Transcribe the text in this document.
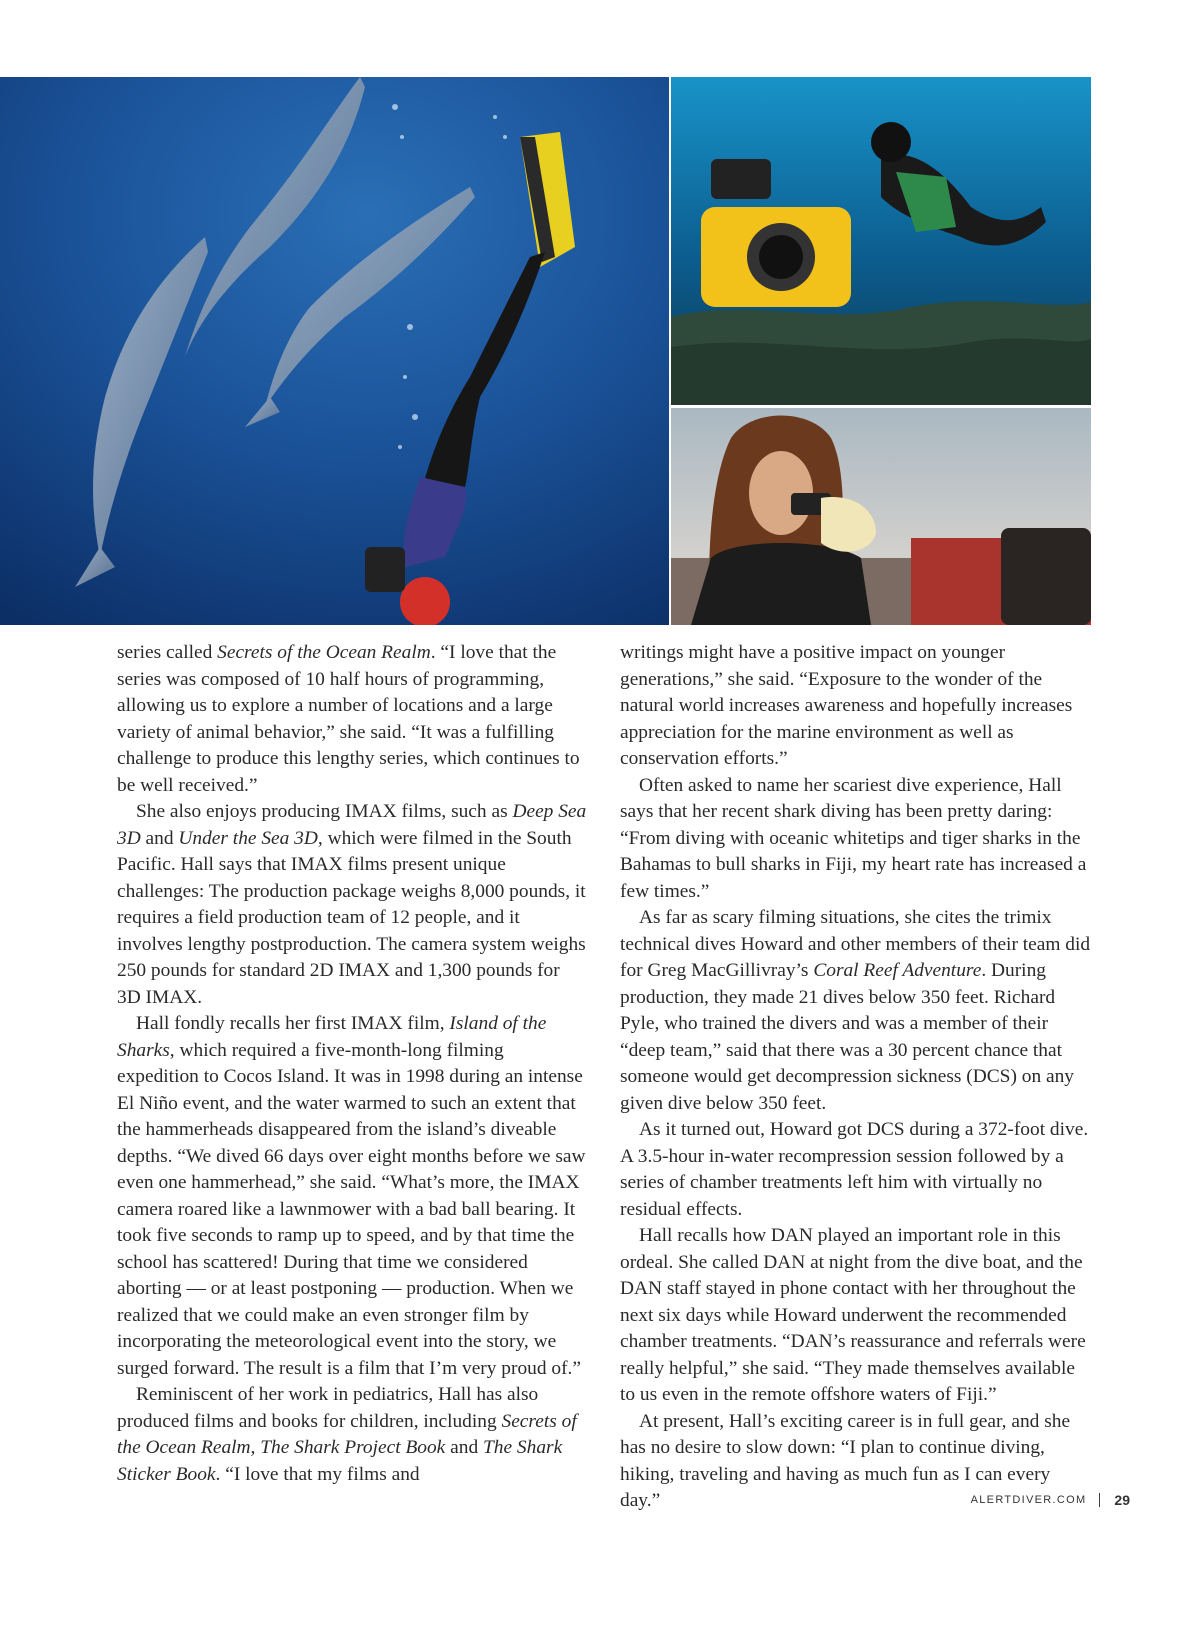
series called Secrets of the Ocean Realm. “I love that the series was composed of 10 half hours of programming, allowing us to explore a number of locations and a large variety of animal behavior,” she said. “It was a fulfilling challenge to produce this lengthy series, which continues to be well received.”

She also enjoys producing IMAX films, such as Deep Sea 3D and Under the Sea 3D, which were filmed in the South Pacific. Hall says that IMAX films present unique challenges: The production package weighs 8,000 pounds, it requires a field production team of 12 people, and it involves lengthy postproduction. The camera system weighs 250 pounds for standard 2D IMAX and 1,300 pounds for 3D IMAX.

Hall fondly recalls her first IMAX film, Island of the Sharks, which required a five-month-long filming expedition to Cocos Island. It was in 1998 during an intense El Niño event, and the water warmed to such an extent that the hammerheads disappeared from the island’s diveable depths. “We dived 66 days over eight months before we saw even one hammerhead,” she said. “What’s more, the IMAX camera roared like a lawnmower with a bad ball bearing. It took five seconds to ramp up to speed, and by that time the school has scattered! During that time we considered aborting — or at least postponing — production. When we realized that we could make an even stronger film by incorporating the meteorological event into the story, we surged forward. The result is a film that I’m very proud of.”

Reminiscent of her work in pediatrics, Hall has also produced films and books for children, including Secrets of the Ocean Realm, The Shark Project Book and The Shark Sticker Book. “I love that my films and

writings might have a positive impact on younger generations,” she said. “Exposure to the wonder of the natural world increases awareness and hopefully increases appreciation for the marine environment as well as conservation efforts.”

Often asked to name her scariest dive experience, Hall says that her recent shark diving has been pretty daring: “From diving with oceanic whitetips and tiger sharks in the Bahamas to bull sharks in Fiji, my heart rate has increased a few times.”

As far as scary filming situations, she cites the trimix technical dives Howard and other members of their team did for Greg MacGillivray’s Coral Reef Adventure. During production, they made 21 dives below 350 feet. Richard Pyle, who trained the divers and was a member of their “deep team,” said that there was a 30 percent chance that someone would get decompression sickness (DCS) on any given dive below 350 feet.

As it turned out, Howard got DCS during a 372-foot dive. A 3.5-hour in-water recompression session followed by a series of chamber treatments left him with virtually no residual effects.

Hall recalls how DAN played an important role in this ordeal. She called DAN at night from the dive boat, and the DAN staff stayed in phone contact with her throughout the next six days while Howard underwent the recommended chamber treatments. “DAN’s reassurance and referrals were really helpful,” she said. “They made themselves available to us even in the remote offshore waters of Fiji.”

At present, Hall’s exciting career is in full gear, and she has no desire to slow down: “I plan to continue diving, hiking, traveling and having as much fun as I can every day.”	ALERTDIVER.COM 29
